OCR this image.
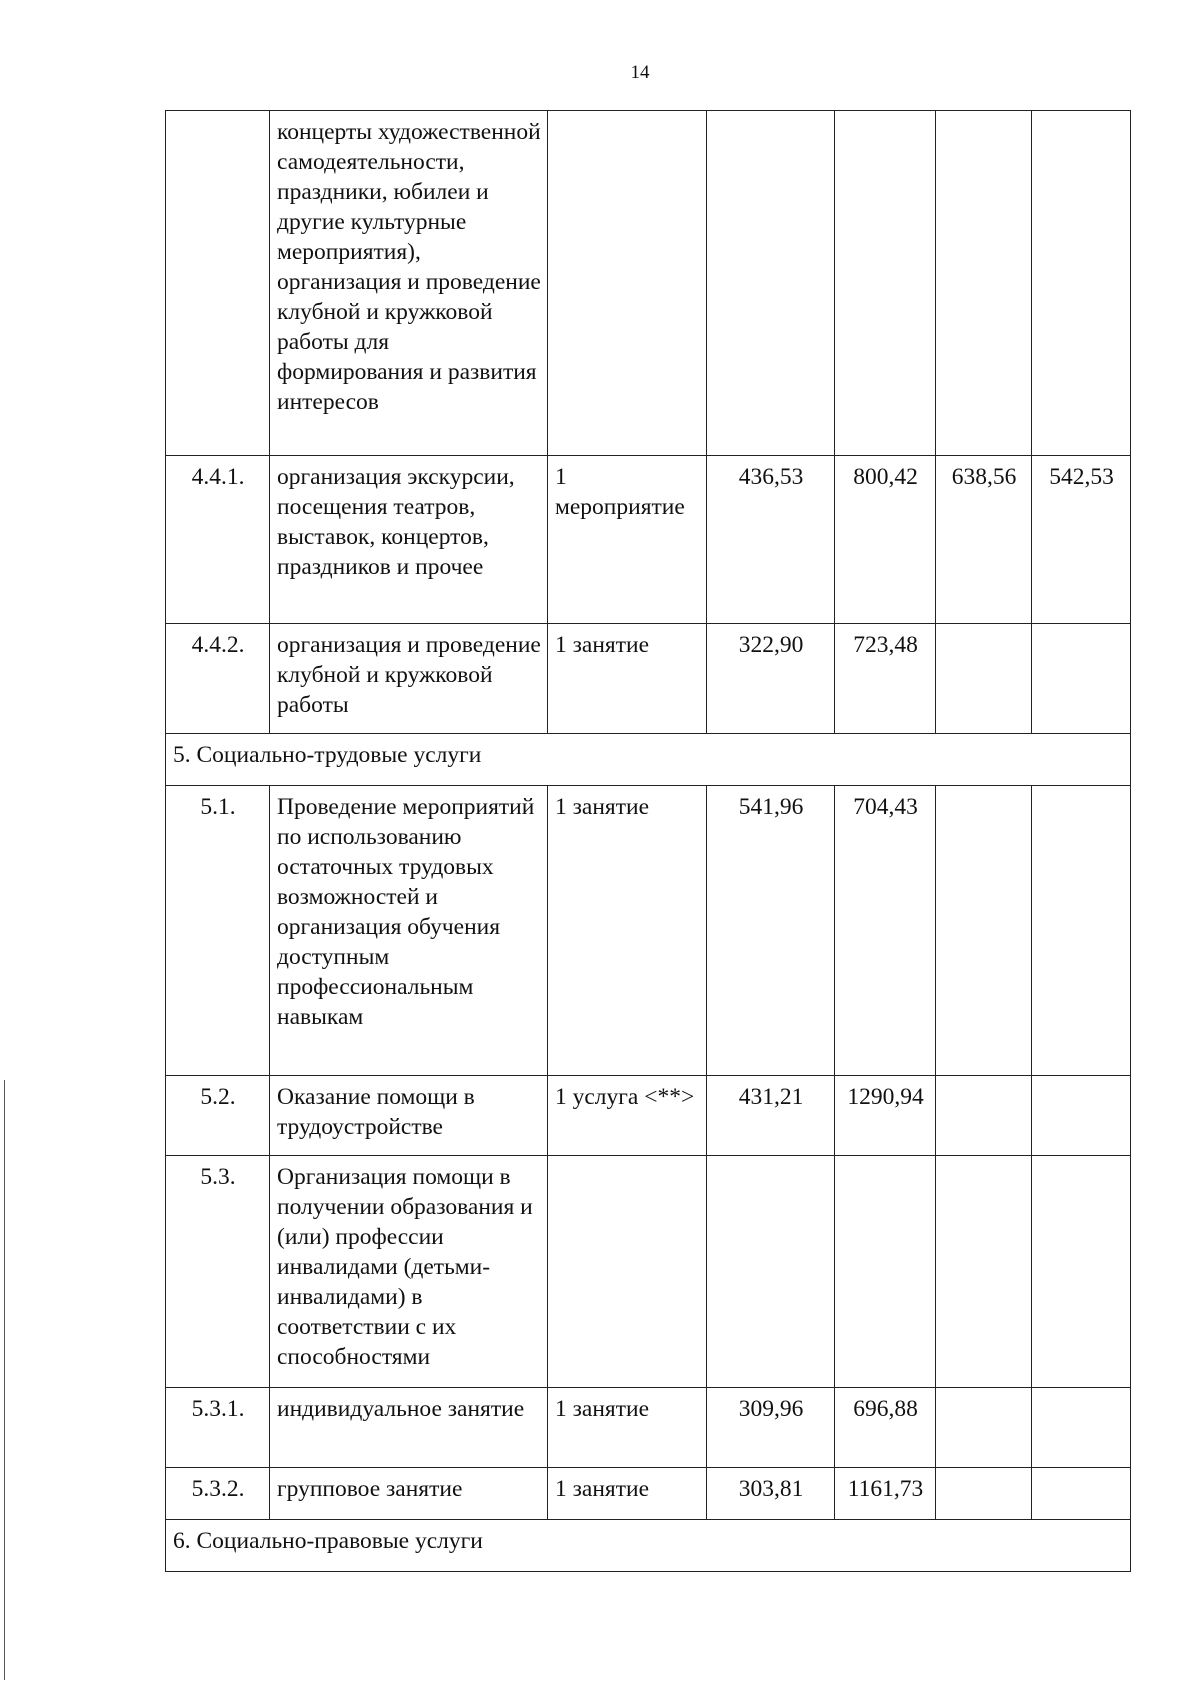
14
	концерты художественной самодеятельности, праздники, юбилеи и другие культурные мероприятия), организация и проведение клубной и кружковой работы для формирования и развития интересов					
4.4.1.	организация экскурсии, посещения театров, выставок, концертов, праздников и прочее	1 мероприятие	436,53	800,42	638,56	542,53
4.4.2.	организация и проведение клубной и кружковой работы	1 занятие	322,90	723,48		
5. Социально-трудовые услуги						
5.1.	Проведение мероприятий по использованию остаточных трудовых возможностей и организация обучения доступным профессиональным навыкам	1 занятие	541,96	704,43		
5.2.	Оказание помощи в трудоустройстве	1 услуга <**>	431,21	1290,94		
5.3.	Организация помощи в получении образования и (или) профессии инвалидами (детьми-инвалидами) в соответствии с их способностями					
5.3.1.	индивидуальное занятие	1 занятие	309,96	696,88		
5.3.2.	групповое занятие	1 занятие	303,81	1161,73		
6. Социально-правовые услуги						
